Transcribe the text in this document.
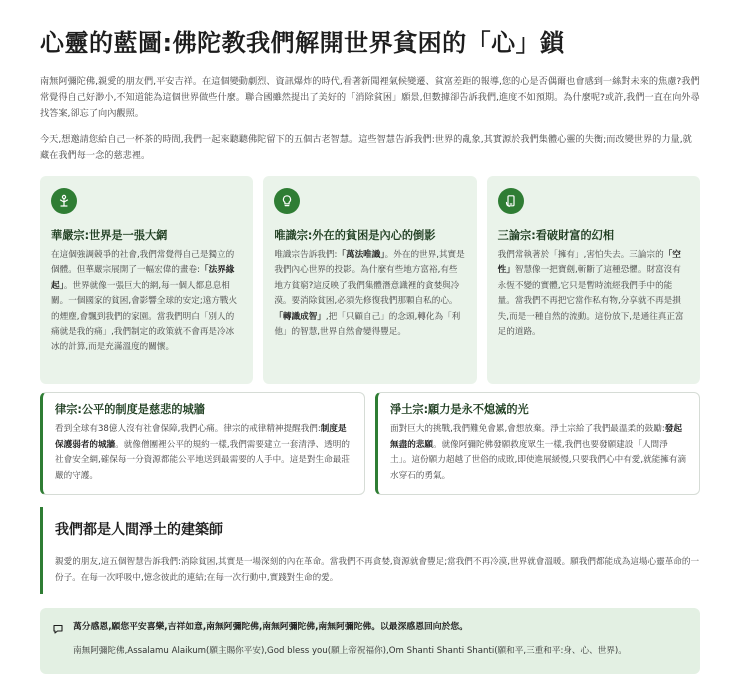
心靈的藍圖:佛陀教我們解開世界貧困的「心」鎖

南無阿彌陀佛,親愛的朋友們,平安吉祥。在這個變動劇烈、資訊爆炸的時代,看著新聞裡氣候變遷、貧富差距的報導,您的心是否偶爾也會感到一絲對未來的焦慮?我們常覺得自己好渺小,不知道能為這個世界做些什麼。聯合國雖然提出了美好的「消除貧困」願景,但數據卻告訴我們,進度不如預期。為什麼呢?或許,我們一直在向外尋找答案,卻忘了向內觀照。

今天,想邀請您給自己一杯茶的時間,我們一起來聽聽佛陀留下的五個古老智慧。這些智慧告訴我們:世界的亂象,其實源於我們集體心靈的失衡;而改變世界的力量,就藏在我們每一念的慈悲裡。

華嚴宗:世界是一張大網
在這個強調競爭的社會,我們常覺得自己是獨立的個體。但華嚴宗展開了一幅宏偉的畫卷:「法界緣起」。世界就像一張巨大的網,每一個人都息息相關。一個國家的貧困,會影響全球的安定;遠方戰火的煙塵,會飄到我們的家園。當我們明白「別人的痛就是我的痛」,我們制定的政策就不會再是冷冰冰的計算,而是充滿溫度的關懷。
唯識宗:外在的貧困是內心的倒影
唯識宗告訴我們:「萬法唯識」。外在的世界,其實是我們內心世界的投影。為什麼有些地方富裕,有些地方貧窮?這反映了我們集體潛意識裡的貪婪與冷漠。要消除貧困,必須先修復我們那顆自私的心。「轉識成智」,把「只顧自己」的念頭,轉化為「利他」的智慧,世界自然會變得豐足。
三論宗:看破財富的幻相
我們常執著於「擁有」,害怕失去。三論宗的「空性」智慧像一把寶劍,斬斷了這種恐懼。財富沒有永恆不變的實體,它只是暫時流經我們手中的能量。當我們不再把它當作私有物,分享就不再是損失,而是一種自然的流動。這份放下,是通往真正富足的道路。
律宗:公平的制度是慈悲的城牆
看到全球有38億人沒有社會保障,我們心痛。律宗的戒律精神提醒我們:制度是保護弱者的城牆。就像僧團裡公平的規約一樣,我們需要建立一套清淨、透明的社會安全網,確保每一分資源都能公平地送到最需要的人手中。這是對生命最莊嚴的守護。
淨土宗:願力是永不熄滅的光
面對巨大的挑戰,我們難免會累,會想放棄。淨土宗給了我們最溫柔的鼓勵:發起無盡的悲願。就像阿彌陀佛發願救度眾生一樣,我們也要發願建設「人間淨土」。這份願力超越了世俗的成敗,即使進展緩慢,只要我們心中有愛,就能擁有滴水穿石的勇氣。
我們都是人間淨土的建築師
親愛的朋友,這五個智慧告訴我們:消除貧困,其實是一場深刻的內在革命。當我們不再貪婪,資源就會豐足;當我們不再冷漠,世界就會溫暖。願我們都能成為這場心靈革命的一份子。在每一次呼吸中,憶念彼此的連結;在每一次行動中,實踐對生命的愛。
萬分感恩,願您平安喜樂,吉祥如意,南無阿彌陀佛,南無阿彌陀佛,南無阿彌陀佛。以最深感恩回向於您。
南無阿彌陀佛,Assalamu Alaikum(願主賜你平安),God bless you(願上帝祝福你),Om Shanti Shanti Shanti(願和平,三重和平:身、心、世界)。
